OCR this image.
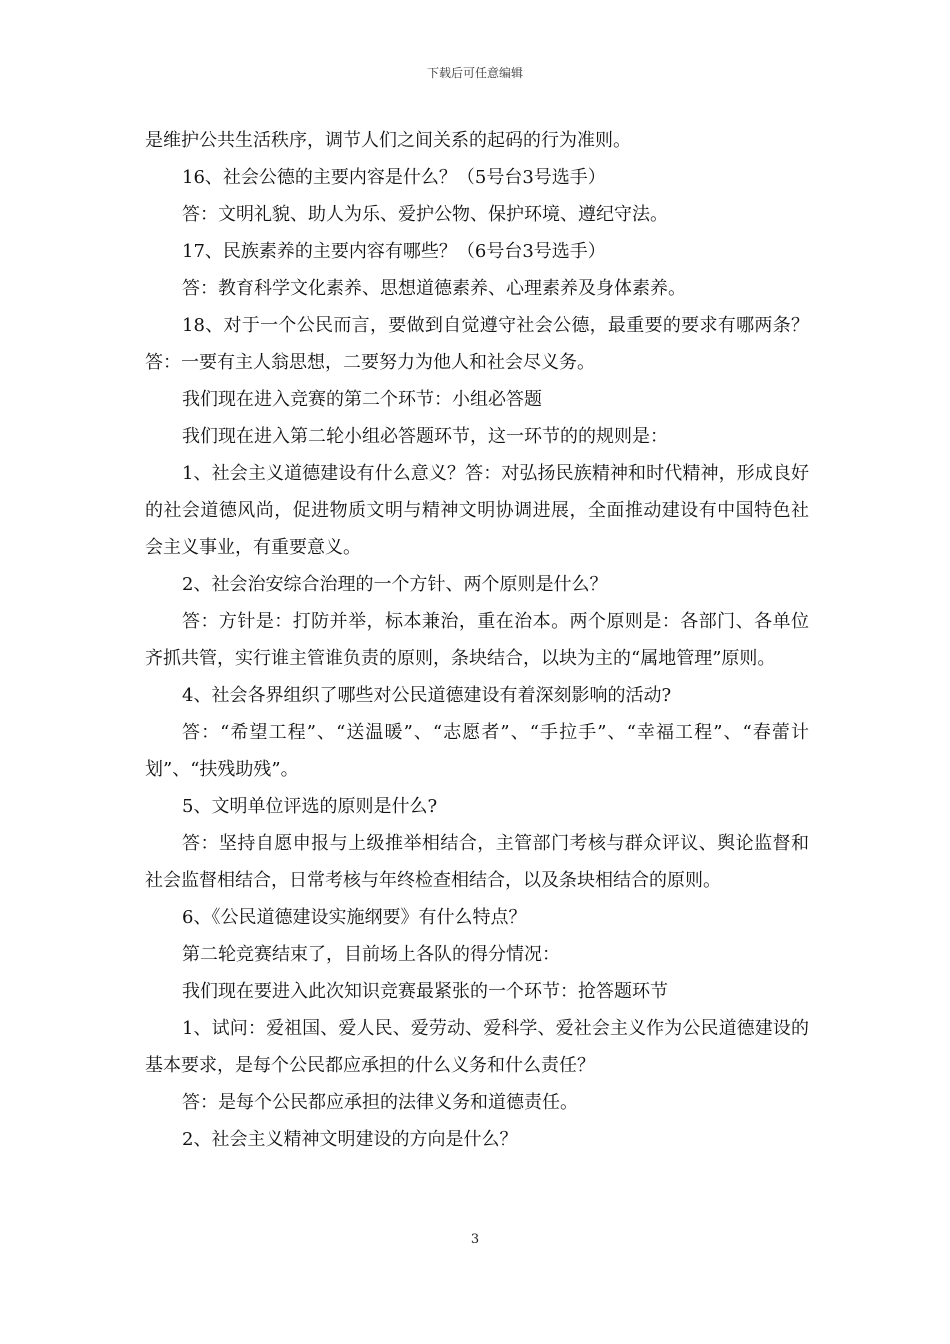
下载后可任意编辑

是维护公共生活秩序，调节人们之间关系的起码的行为准则。

16、社会公德的主要内容是什么？（5号台3号选手）

答：文明礼貌、助人为乐、爱护公物、保护环境、遵纪守法。

17、民族素养的主要内容有哪些？（6号台3号选手）

答：教育科学文化素养、思想道德素养、心理素养及身体素养。

18、对于一个公民而言，要做到自觉遵守社会公德，最重要的要求有哪两条？答：一要有主人翁思想，二要努力为他人和社会尽义务。

我们现在进入竞赛的第二个环节：小组必答题

我们现在进入第二轮小组必答题环节，这一环节的的规则是：

1、社会主义道德建设有什么意义？答：对弘扬民族精神和时代精神，形成良好的社会道德风尚，促进物质文明与精神文明协调进展，全面推动建设有中国特色社会主义事业，有重要意义。

2、社会治安综合治理的一个方针、两个原则是什么？

答：方针是：打防并举，标本兼治，重在治本。两个原则是：各部门、各单位齐抓共管，实行谁主管谁负责的原则，条块结合，以块为主的“属地管理”原则。

4、社会各界组织了哪些对公民道德建设有着深刻影响的活动?

答：“希望工程”、“送温暖”、“志愿者”、“手拉手”、“幸福工程”、“春蕾计划”、“扶残助残”。

5、文明单位评选的原则是什么?

答：坚持自愿申报与上级推举相结合，主管部门考核与群众评议、舆论监督和社会监督相结合，日常考核与年终检查相结合，以及条块相结合的原则。

6、《公民道德建设实施纲要》有什么特点？

第二轮竞赛结束了，目前场上各队的得分情况：

我们现在要进入此次知识竞赛最紧张的一个环节：抢答题环节

1、试问：爱祖国、爱人民、爱劳动、爱科学、爱社会主义作为公民道德建设的基本要求，是每个公民都应承担的什么义务和什么责任？

答：是每个公民都应承担的法律义务和道德责任。

2、社会主义精神文明建设的方向是什么？

3
